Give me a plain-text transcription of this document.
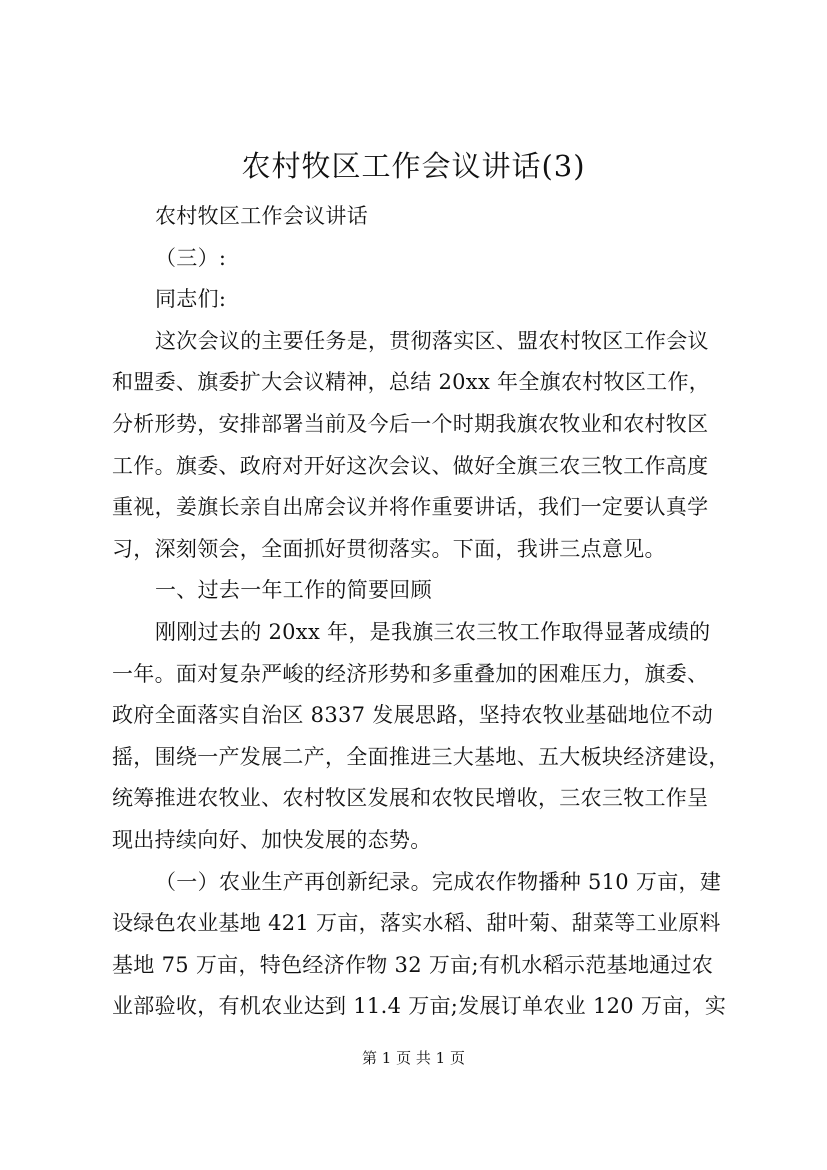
农村牧区工作会议讲话(3)
农村牧区工作会议讲话
（三）:
同志们:
这次会议的主要任务是，贯彻落实区、盟农村牧区工作会议
和盟委、旗委扩大会议精神，总结 20xx 年全旗农村牧区工作，
分析形势，安排部署当前及今后一个时期我旗农牧业和农村牧区
工作。旗委、政府对开好这次会议、做好全旗三农三牧工作高度
重视，姜旗长亲自出席会议并将作重要讲话，我们一定要认真学
习，深刻领会，全面抓好贯彻落实。下面，我讲三点意见。
一、过去一年工作的简要回顾
刚刚过去的 20xx 年，是我旗三农三牧工作取得显著成绩的
一年。面对复杂严峻的经济形势和多重叠加的困难压力，旗委、
政府全面落实自治区 8337 发展思路，坚持农牧业基础地位不动
摇，围绕一产发展二产，全面推进三大基地、五大板块经济建设，
统筹推进农牧业、农村牧区发展和农牧民增收，三农三牧工作呈
现出持续向好、加快发展的态势。
（一）农业生产再创新纪录。完成农作物播种 510 万亩，建
设绿色农业基地 421 万亩，落实水稻、甜叶菊、甜菜等工业原料
基地 75 万亩，特色经济作物 32 万亩;有机水稻示范基地通过农
业部验收，有机农业达到 11.4 万亩;发展订单农业 120 万亩，实
第 1 页 共 1 页
